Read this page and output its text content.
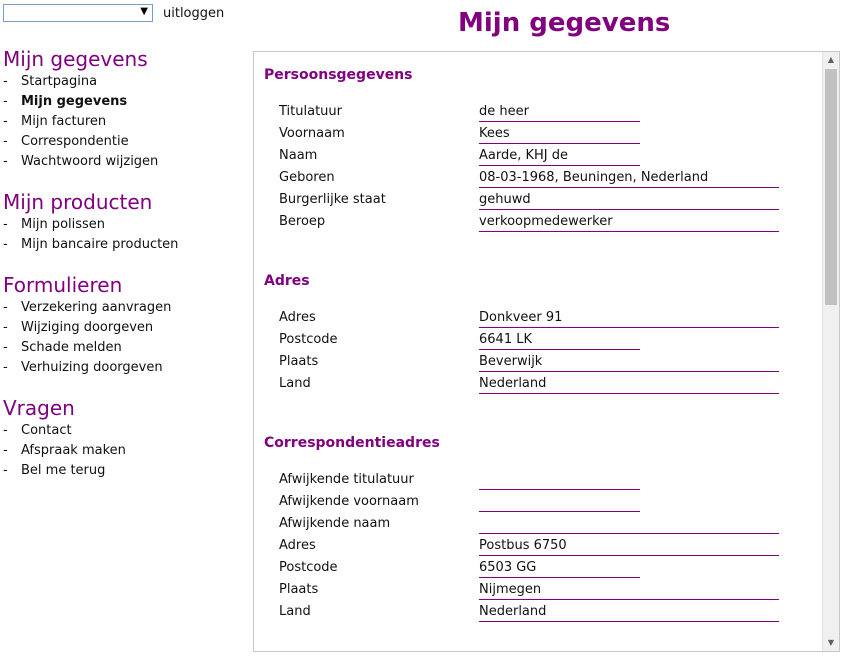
▼ uitloggen
Mijn gegevens
- Startpagina
- Mijn gegevens
- Mijn facturen
- Correspondentie
- Wachtwoord wijzigen
Mijn producten
- Mijn polissen
- Mijn bancaire producten
Formulieren
- Verzekering aanvragen
- Wijziging doorgeven
- Schade melden
- Verhuizing doorgeven
Vragen
- Contact
- Afspraak maken
- Bel me terug
Mijn gegevens
Persoonsgegevens
Titulatuur	de heer
Voornaam	Kees
Naam	Aarde, KHJ de
Geboren	08-03-1968, Beuningen, Nederland
Burgerlijke staat	gehuwd
Beroep	verkoopmedewerker
Adres
Adres	Donkveer 91
Postcode	6641 LK
Plaats	Beverwijk
Land	Nederland
Correspondentieadres
Afwijkende titulatuur
Afwijkende voornaam
Afwijkende naam
Adres	Postbus 6750
Postcode	6503 GG
Plaats	Nijmegen
Land	Nederland
▲
▼
